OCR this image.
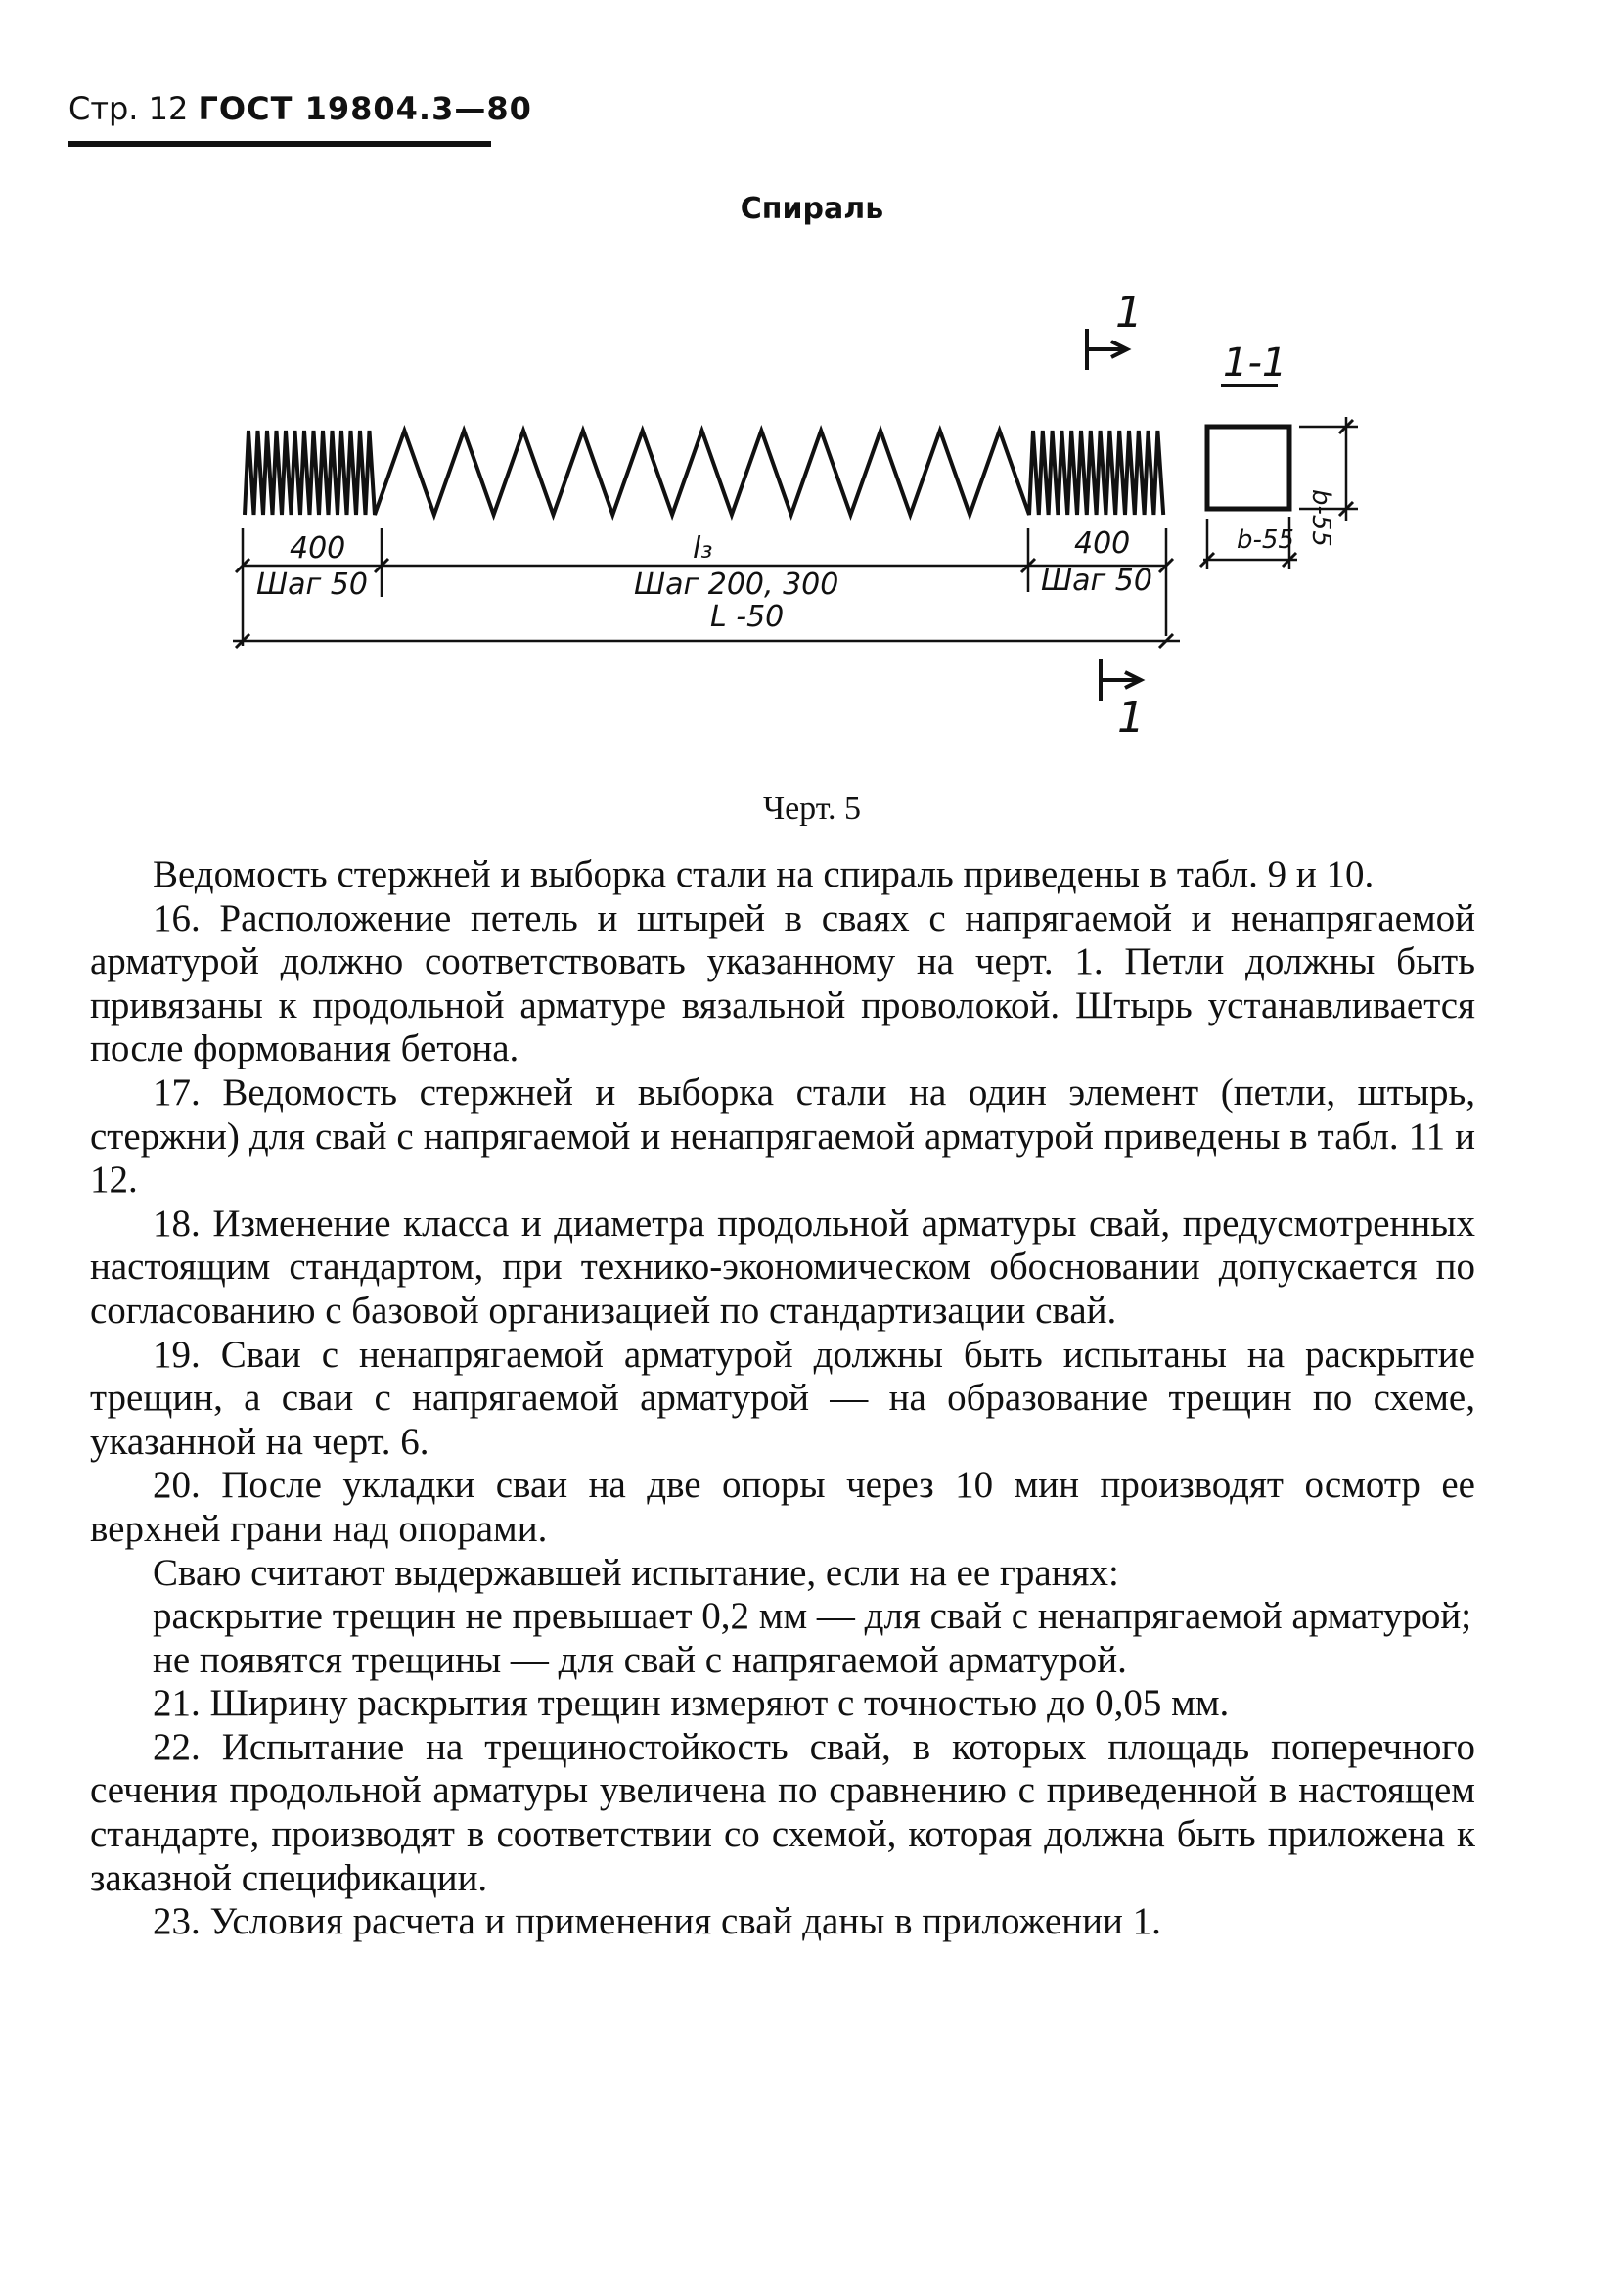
Стр. 12 ГОСТ 19804.3—80
Спираль
1
1
1-1
400	l₃	400
Шаг 50	Шаг 200, 300	Шаг 50
L -50
b-55 b-55
Черт. 5

Ведомость стержней и выборка стали на спираль приведены в табл. 9 и 10.

16. Расположение петель и штырей в сваях с напрягаемой и ненапрягаемой арматурой должно соответствовать указанному на черт. 1. Петли должны быть привязаны к продольной арматуре вязальной проволокой. Штырь устанавливается после формования бетона.

17. Ведомость стержней и выборка стали на один элемент (петли, штырь, стержни) для свай с напрягаемой и ненапрягаемой арматурой приведены в табл. 11 и 12.

18. Изменение класса и диаметра продольной арматуры свай, предусмотренных настоящим стандартом, при технико-экономическом обосновании допускается по согласованию с базовой организацией по стандартизации свай.

19. Сваи с ненапрягаемой арматурой должны быть испытаны на раскрытие трещин, а сваи с напрягаемой арматурой — на образование трещин по схеме, указанной на черт. 6.

20. После укладки сваи на две опоры через 10 мин производят осмотр ее верхней грани над опорами.

Сваю считают выдержавшей испытание, если на ее гранях:

раскрытие трещин не превышает 0,2 мм — для свай с ненапрягаемой арматурой;

не появятся трещины — для свай с напрягаемой арматурой.

21. Ширину раскрытия трещин измеряют с точностью до 0,05 мм.

22. Испытание на трещиностойкость свай, в которых площадь поперечного сечения продольной арматуры увеличена по сравнению с приведенной в настоящем стандарте, производят в соответствии со схемой, которая должна быть приложена к заказной спецификации.

23. Условия расчета и применения свай даны в приложении 1.
